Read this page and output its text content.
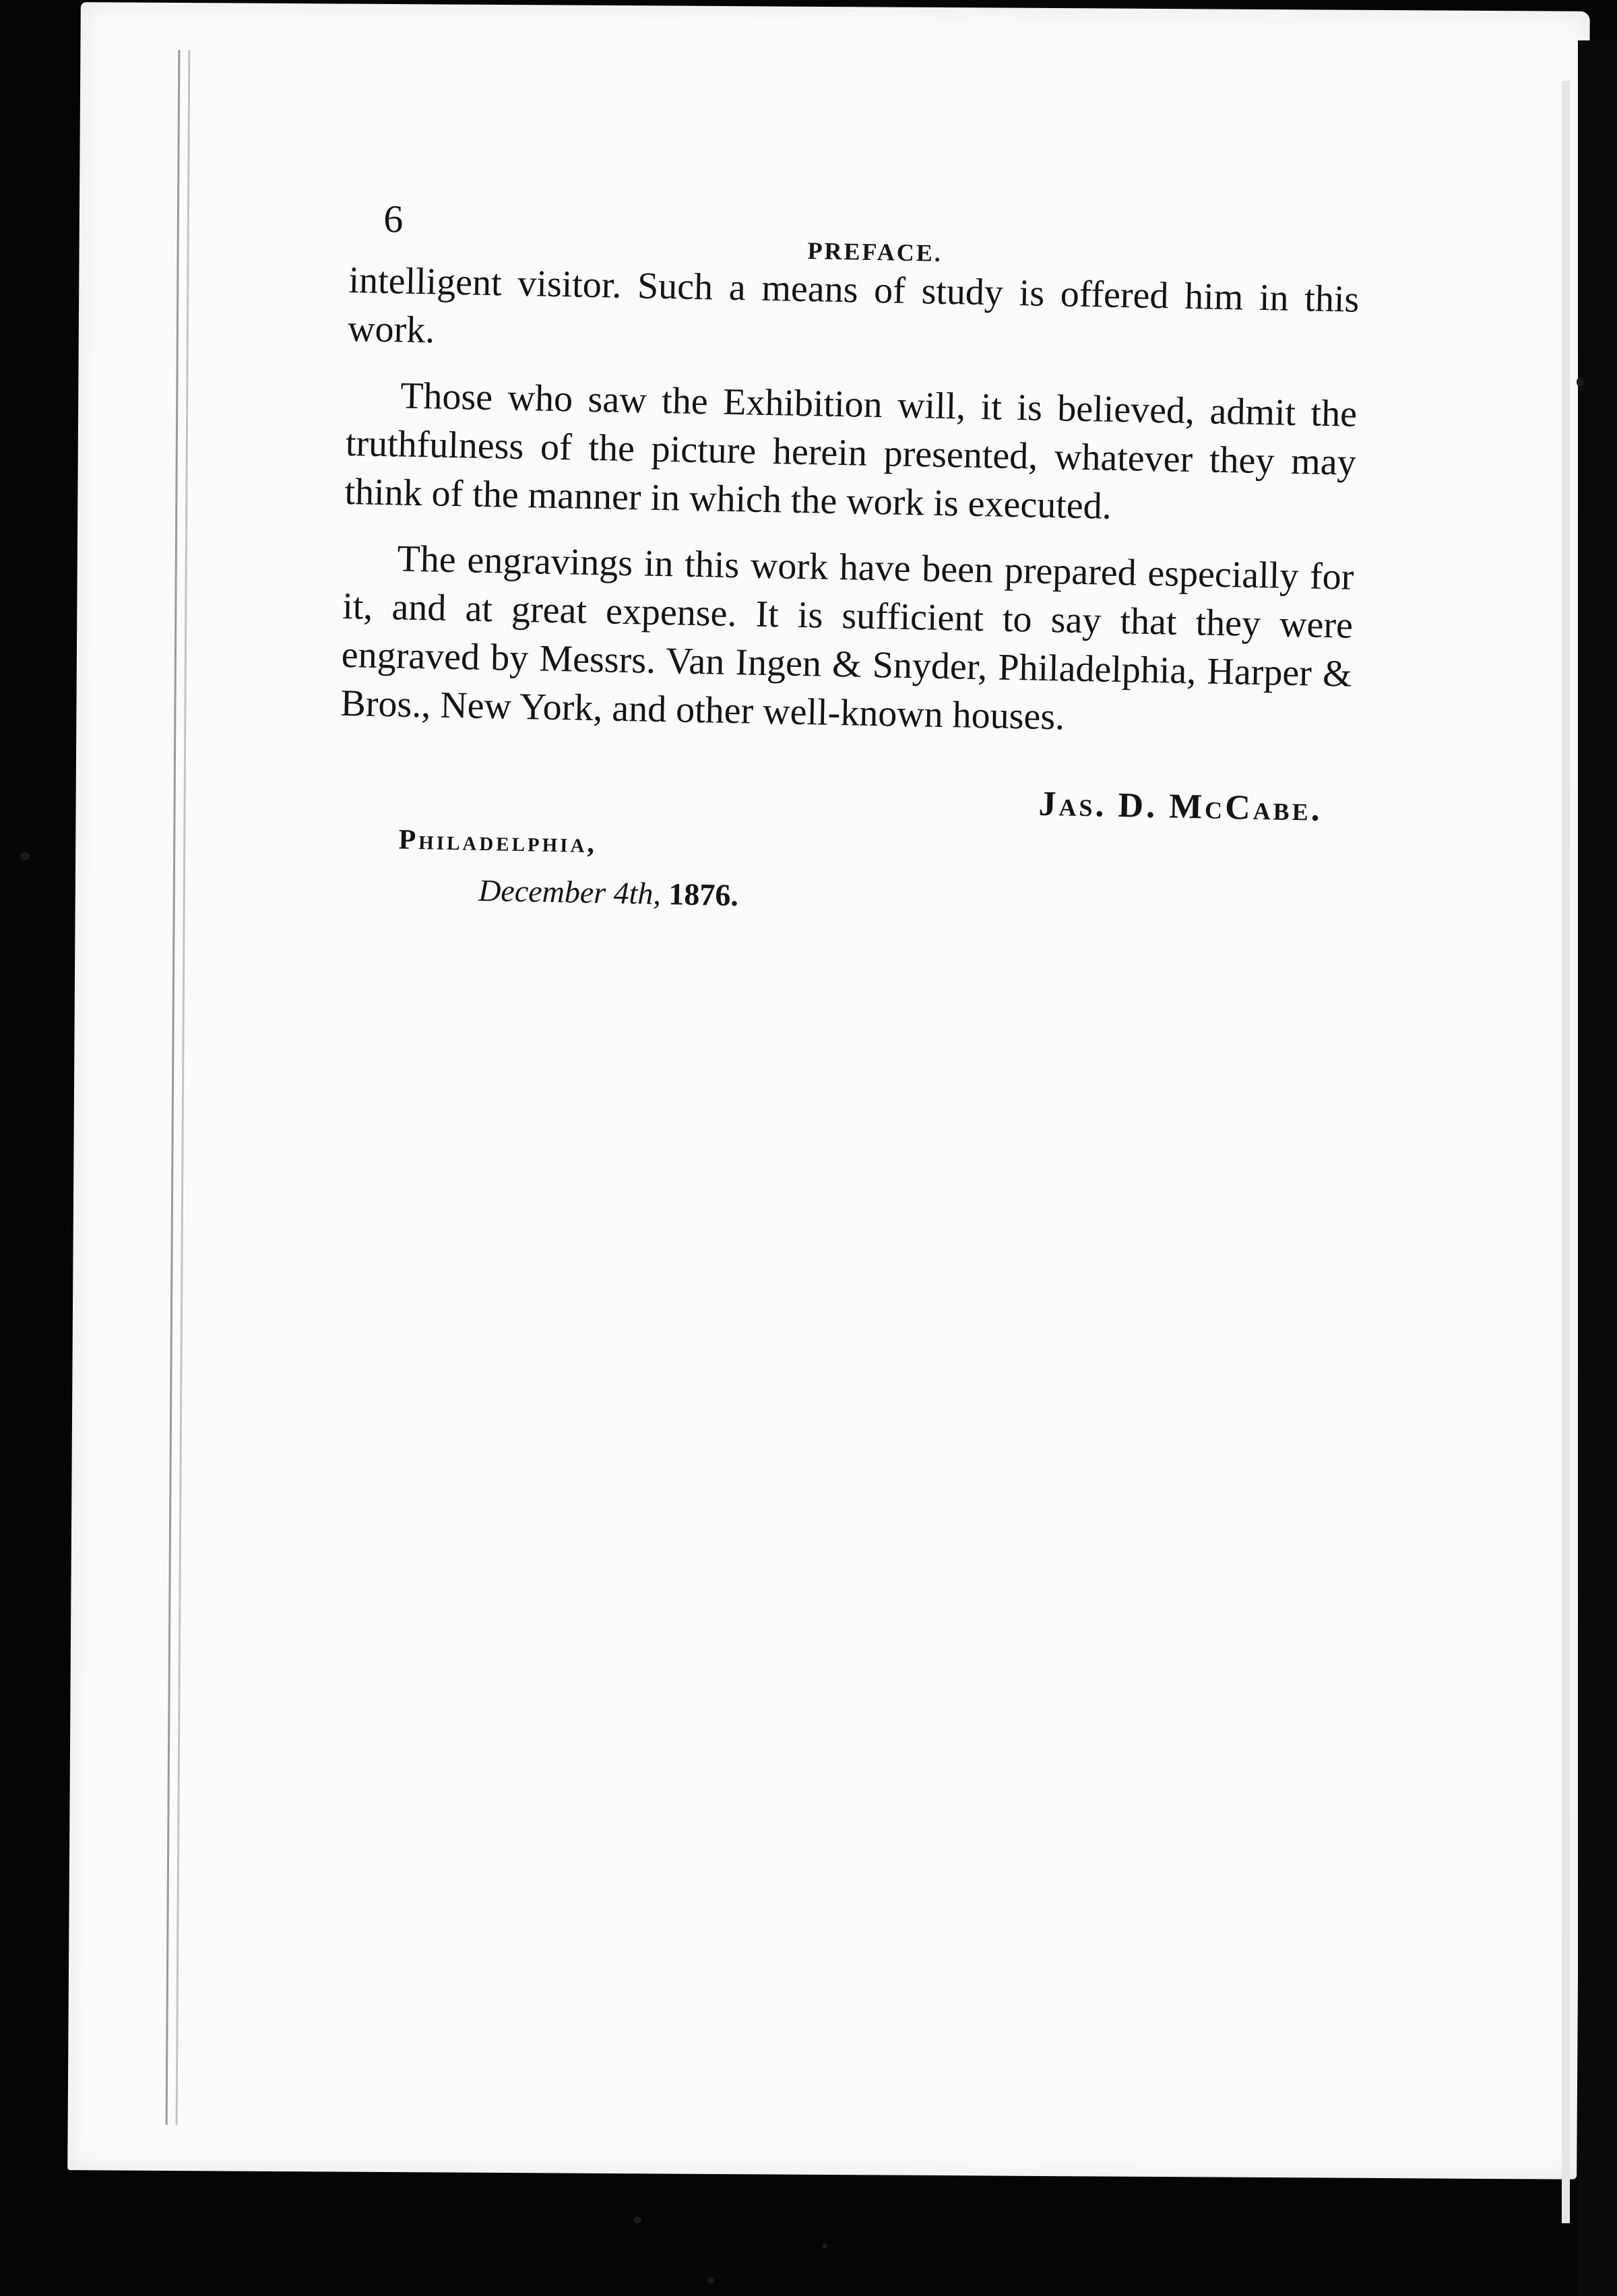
6
PREFACE.

intelligent visitor. Such a means of study is offered him in this work.

Those who saw the Exhibition will, it is believed, admit the truthfulness of the picture herein presented, whatever they may think of the manner in which the work is executed.

The engravings in this work have been prepared especially for it, and at great expense. It is sufficient to say that they were engraved by Messrs. Van Ingen & Snyder, Philadelphia, Harper & Bros., New York, and other well-known houses.

Jas. D. McCabe.
Philadelphia,
December 4th, 1876.
